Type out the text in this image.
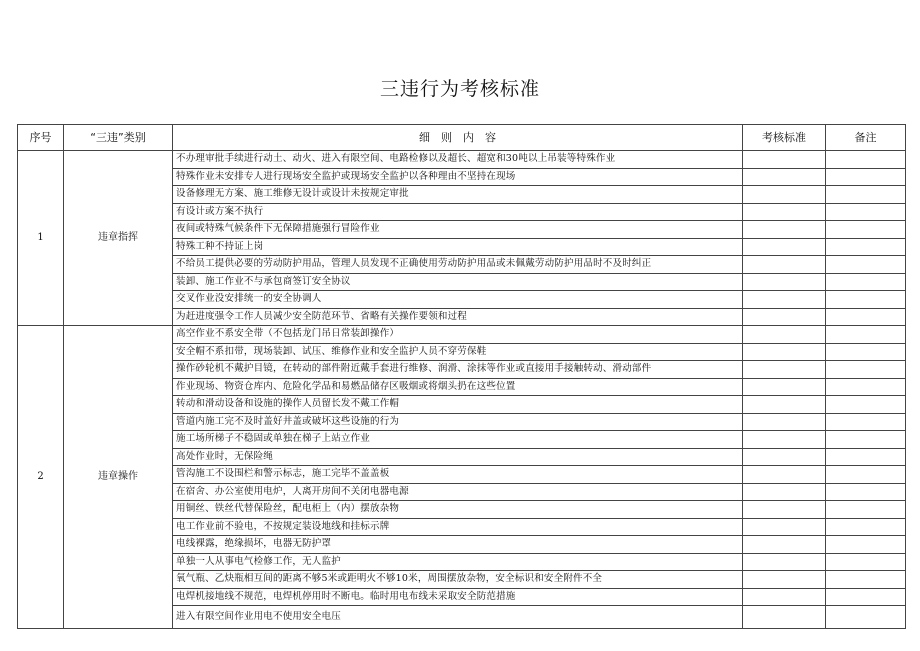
三违行为考核标准
序号	“三违”类别	细　则　内　容	考核标准	备注
1	违章指挥	不办理审批手续进行动土、动火、进入有限空间、电路检修以及超长、超宽和30吨以上吊装等特殊作业		
		特殊作业未安排专人进行现场安全监护或现场安全监护以各种理由不坚持在现场		
		设备修理无方案、施工维修无设计或设计未按规定审批		
		有设计或方案不执行		
		夜间或特殊气候条件下无保障措施强行冒险作业		
		特殊工种不持证上岗		
		不给员工提供必要的劳动防护用品，管理人员发现不正确使用劳动防护用品或未佩戴劳动防护用品时不及时纠正		
		装卸、施工作业不与承包商签订安全协议		
		交叉作业没安排统一的安全协调人		
		为赶进度强令工作人员减少安全防范环节、省略有关操作要领和过程		
2	违章操作	高空作业不系安全带（不包括龙门吊日常装卸操作）		
		安全帽不系扣带，现场装卸、试压、维修作业和安全监护人员不穿劳保鞋		
		操作砂轮机不戴护目镜，在转动的部件附近戴手套进行维修、润滑、涂抹等作业或直接用手接触转动、滑动部件		
		作业现场、物资仓库内、危险化学品和易燃品储存区吸烟或将烟头扔在这些位置		
		转动和滑动设备和设施的操作人员留长发不戴工作帽		
		管道内施工完不及时盖好井盖或破坏这些设施的行为		
		施工场所梯子不稳固或单独在梯子上站立作业		
		高处作业时，无保险绳		
		管沟施工不设围栏和警示标志，施工完毕不盖盖板		
		在宿舍、办公室使用电炉，人离开房间不关闭电器电源		
		用铜丝、铁丝代替保险丝，配电柜上（内）摆放杂物		
		电工作业前不验电，不按规定装设地线和挂标示牌		
		电线裸露，绝缘损坏，电器无防护罩		
		单独一人从事电气检修工作，无人监护		
		氧气瓶、乙炔瓶相互间的距离不够5米或距明火不够10米，周围摆放杂物，安全标识和安全附件不全		
		电焊机接地线不规范，电焊机停用时不断电。临时用电布线未采取安全防范措施		
		进入有限空间作业用电不使用安全电压		
